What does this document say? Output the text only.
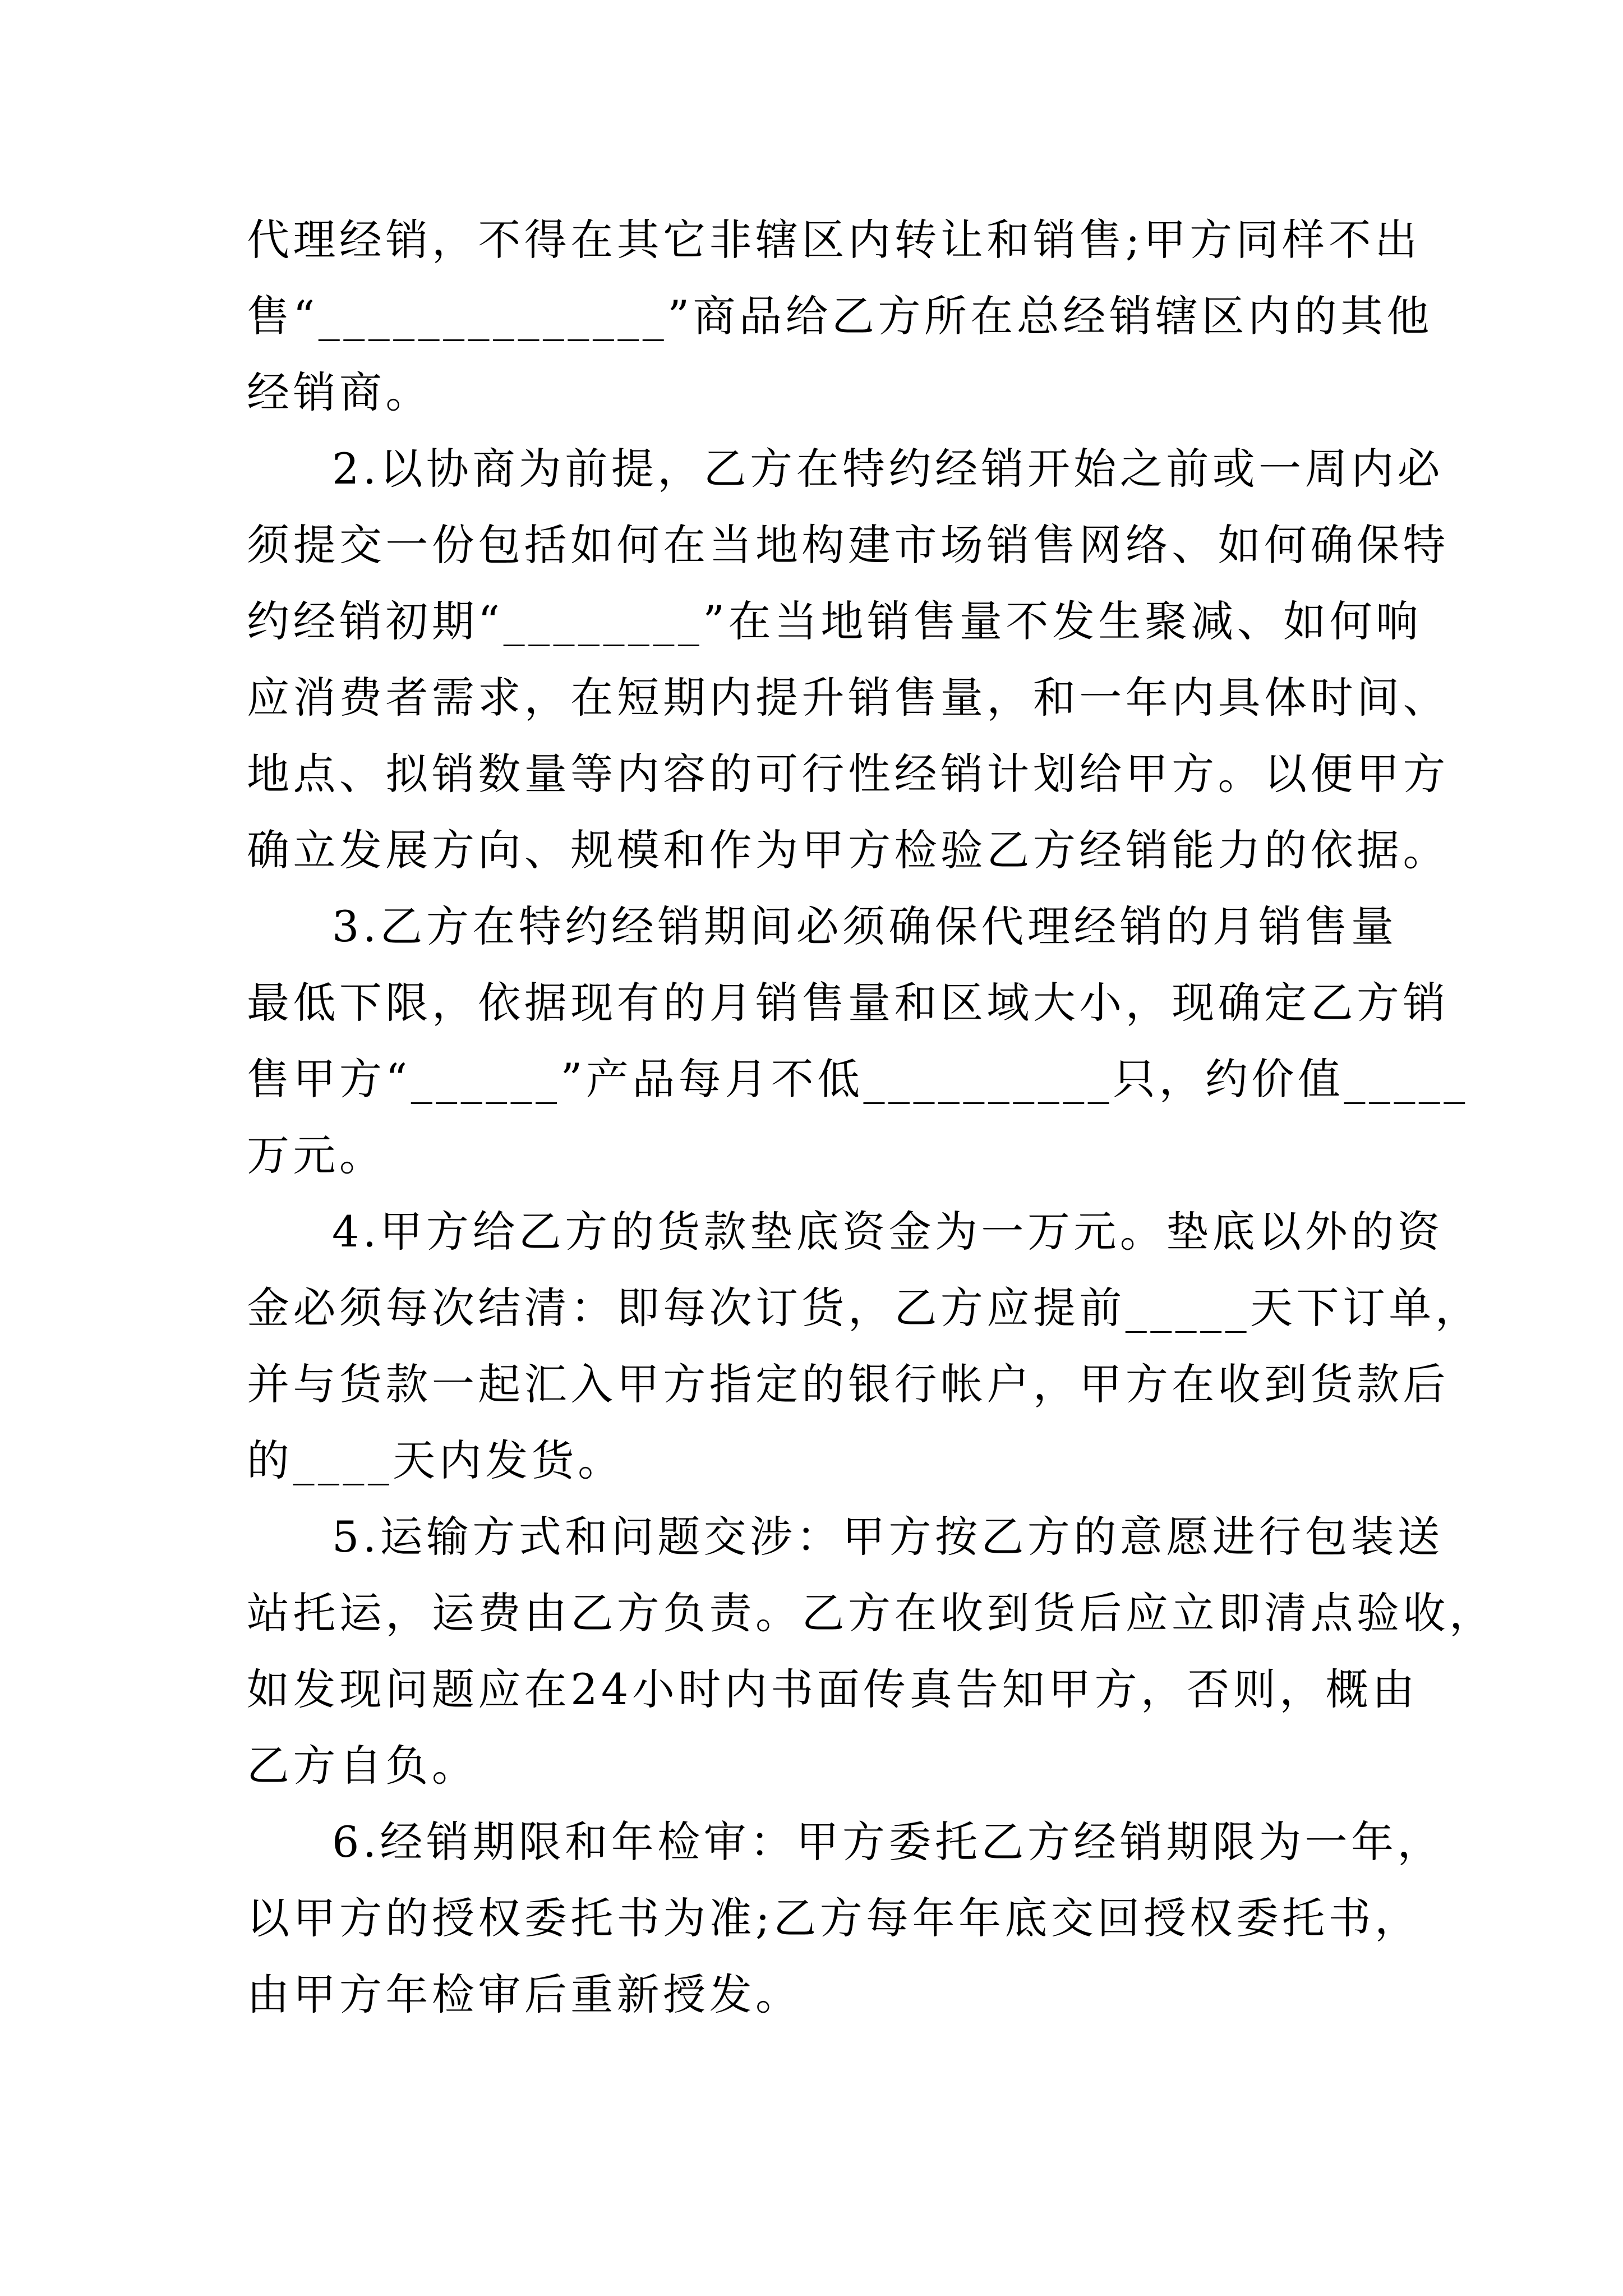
代理经销，不得在其它非辖区内转让和销售;甲方同样不出
售“______________”商品给乙方所在总经销辖区内的其他
经销商。
2.以协商为前提，乙方在特约经销开始之前或一周内必
须提交一份包括如何在当地构建市场销售网络、如何确保特
约经销初期“________”在当地销售量不发生聚减、如何响
应消费者需求，在短期内提升销售量，和一年内具体时间、
地点、拟销数量等内容的可行性经销计划给甲方。以便甲方
确立发展方向、规模和作为甲方检验乙方经销能力的依据。
3.乙方在特约经销期间必须确保代理经销的月销售量
最低下限，依据现有的月销售量和区域大小，现确定乙方销
售甲方“______”产品每月不低__________只，约价值_____
万元。
4.甲方给乙方的货款垫底资金为一万元。垫底以外的资
金必须每次结清：即每次订货，乙方应提前_____天下订单，
并与货款一起汇入甲方指定的银行帐户，甲方在收到货款后
的____天内发货。
5.运输方式和问题交涉：甲方按乙方的意愿进行包装送
站托运，运费由乙方负责。乙方在收到货后应立即清点验收，
如发现问题应在24小时内书面传真告知甲方，否则，概由
乙方自负。
6.经销期限和年检审：甲方委托乙方经销期限为一年，
以甲方的授权委托书为准;乙方每年年底交回授权委托书，
由甲方年检审后重新授发。
